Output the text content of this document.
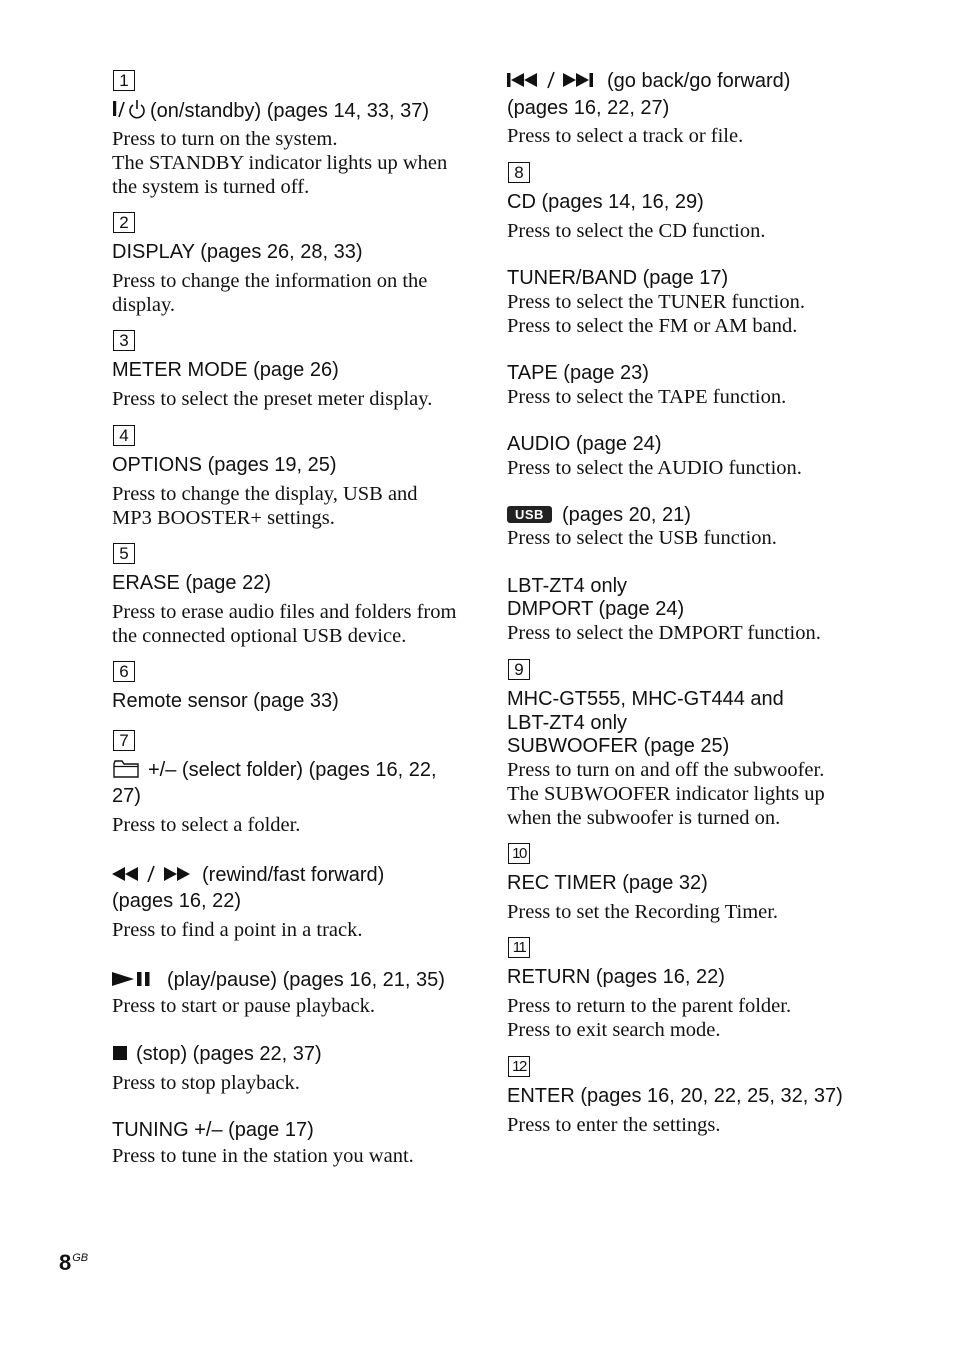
1
(on/standby) (pages 14, 33, 37)
Press to turn on the system.
The STANDBY indicator lights up when
the system is turned off.
2
DISPLAY (pages 26, 28, 33)
Press to change the information on the
display.
3
METER MODE (page 26)
Press to select the preset meter display.
4
OPTIONS (pages 19, 25)
Press to change the display, USB and
MP3 BOOSTER+ settings.
5
ERASE (page 22)
Press to erase audio files and folders from
the connected optional USB device.
6
Remote sensor (page 33)
7
+/– (select folder) (pages 16, 22,
27)
Press to select a folder.
(rewind/fast forward)
(pages 16, 22)
Press to find a point in a track.
(play/pause) (pages 16, 21, 35)
Press to start or pause playback.
(stop) (pages 22, 37)
Press to stop playback.
TUNING +/– (page 17)
Press to tune in the station you want.
(go back/go forward)
(pages 16, 22, 27)
Press to select a track or file.
8
CD (pages 14, 16, 29)
Press to select the CD function.
TUNER/BAND (page 17)
Press to select the TUNER function.
Press to select the FM or AM band.
TAPE (page 23)
Press to select the TAPE function.
AUDIO (page 24)
Press to select the AUDIO function.
USB (pages 20, 21)
Press to select the USB function.
LBT-ZT4 only
DMPORT (page 24)
Press to select the DMPORT function.
9
MHC-GT555, MHC-GT444 and
LBT-ZT4 only
SUBWOOFER (page 25)
Press to turn on and off the subwoofer.
The SUBWOOFER indicator lights up
when the subwoofer is turned on.
10
REC TIMER (page 32)
Press to set the Recording Timer.
11
RETURN (pages 16, 22)
Press to return to the parent folder.
Press to exit search mode.
12
ENTER (pages 16, 20, 22, 25, 32, 37)
Press to enter the settings.
$8^{GB}$
